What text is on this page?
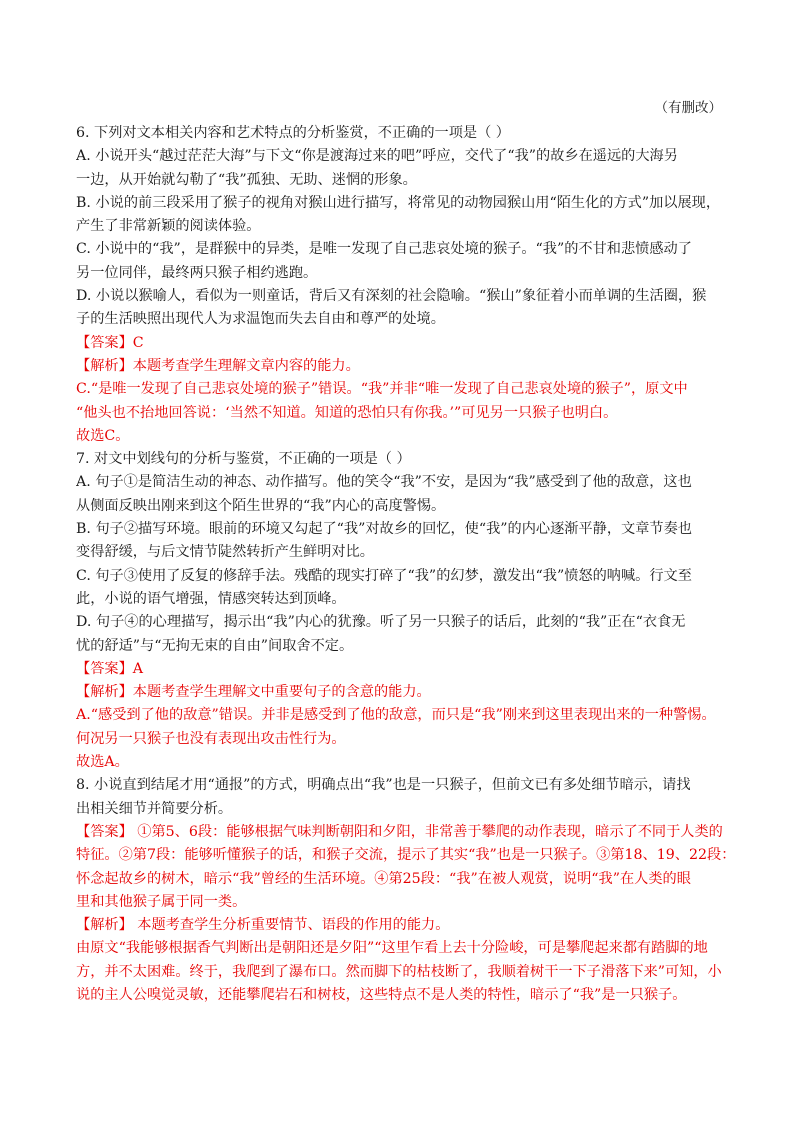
（有删改）
6. 下列对文本相关内容和艺术特点的分析鉴赏，不正确的一项是（ ）
A. 小说开头“越过茫茫大海”与下文“你是渡海过来的吧”呼应，交代了“我”的故乡在遥远的大海另
一边，从开始就勾勒了“我”孤独、无助、迷惘的形象。
B. 小说的前三段采用了猴子的视角对猴山进行描写，将常见的动物园猴山用“陌生化的方式”加以展现，
产生了非常新颖的阅读体验。
C. 小说中的“我”，是群猴中的异类，是唯一发现了自己悲哀处境的猴子。“我”的不甘和悲愤感动了
另一位同伴，最终两只猴子相约逃跑。
D. 小说以猴喻人，看似为一则童话，背后又有深刻的社会隐喻。“猴山”象征着小而单调的生活圈，猴
子的生活映照出现代人为求温饱而失去自由和尊严的处境。
【答案】C
【解析】本题考查学生理解文章内容的能力。
C.“是唯一发现了自己悲哀处境的猴子”错误。“我”并非“唯一发现了自己悲哀处境的猴子”，原文中
“他头也不抬地回答说：‘当然不知道。知道的恐怕只有你我。’”可见另一只猴子也明白。
故选C。
7. 对文中划线句的分析与鉴赏，不正确的一项是（ ）
A. 句子①是简洁生动的神态、动作描写。他的笑令“我”不安，是因为“我”感受到了他的敌意，这也
从侧面反映出刚来到这个陌生世界的“我”内心的高度警惕。
B. 句子②描写环境。眼前的环境又勾起了“我”对故乡的回忆，使“我”的内心逐渐平静，文章节奏也
变得舒缓，与后文情节陡然转折产生鲜明对比。
C. 句子③使用了反复的修辞手法。残酷的现实打碎了“我”的幻梦，激发出“我”愤怒的呐喊。行文至
此，小说的语气增强，情感突转达到顶峰。
D. 句子④的心理描写，揭示出“我”内心的犹豫。听了另一只猴子的话后，此刻的“我”正在“衣食无
忧的舒适”与“无拘无束的自由”间取舍不定。
【答案】A
【解析】本题考查学生理解文中重要句子的含意的能力。
A.“感受到了他的敌意”错误。并非是感受到了他的敌意，而只是“我”刚来到这里表现出来的一种警惕。
何况另一只猴子也没有表现出攻击性行为。
故选A。
8. 小说直到结尾才用“通报”的方式，明确点出“我”也是一只猴子，但前文已有多处细节暗示，请找
出相关细节并简要分析。
【答案】 ①第5、6段：能够根据气味判断朝阳和夕阳，非常善于攀爬的动作表现，暗示了不同于人类的
特征。②第7段：能够听懂猴子的话，和猴子交流，提示了其实“我”也是一只猴子。③第18、19、22段：
怀念起故乡的树木，暗示“我”曾经的生活环境。④第25段：“我”在被人观赏，说明“我”在人类的眼
里和其他猴子属于同一类。
【解析】 本题考查学生分析重要情节、语段的作用的能力。
由原文“我能够根据香气判断出是朝阳还是夕阳”“这里乍看上去十分险峻，可是攀爬起来都有踏脚的地
方，并不太困难。终于，我爬到了瀑布口。然而脚下的枯枝断了，我顺着树干一下子滑落下来”可知，小
说的主人公嗅觉灵敏，还能攀爬岩石和树枝，这些特点不是人类的特性，暗示了“我”是一只猴子。
